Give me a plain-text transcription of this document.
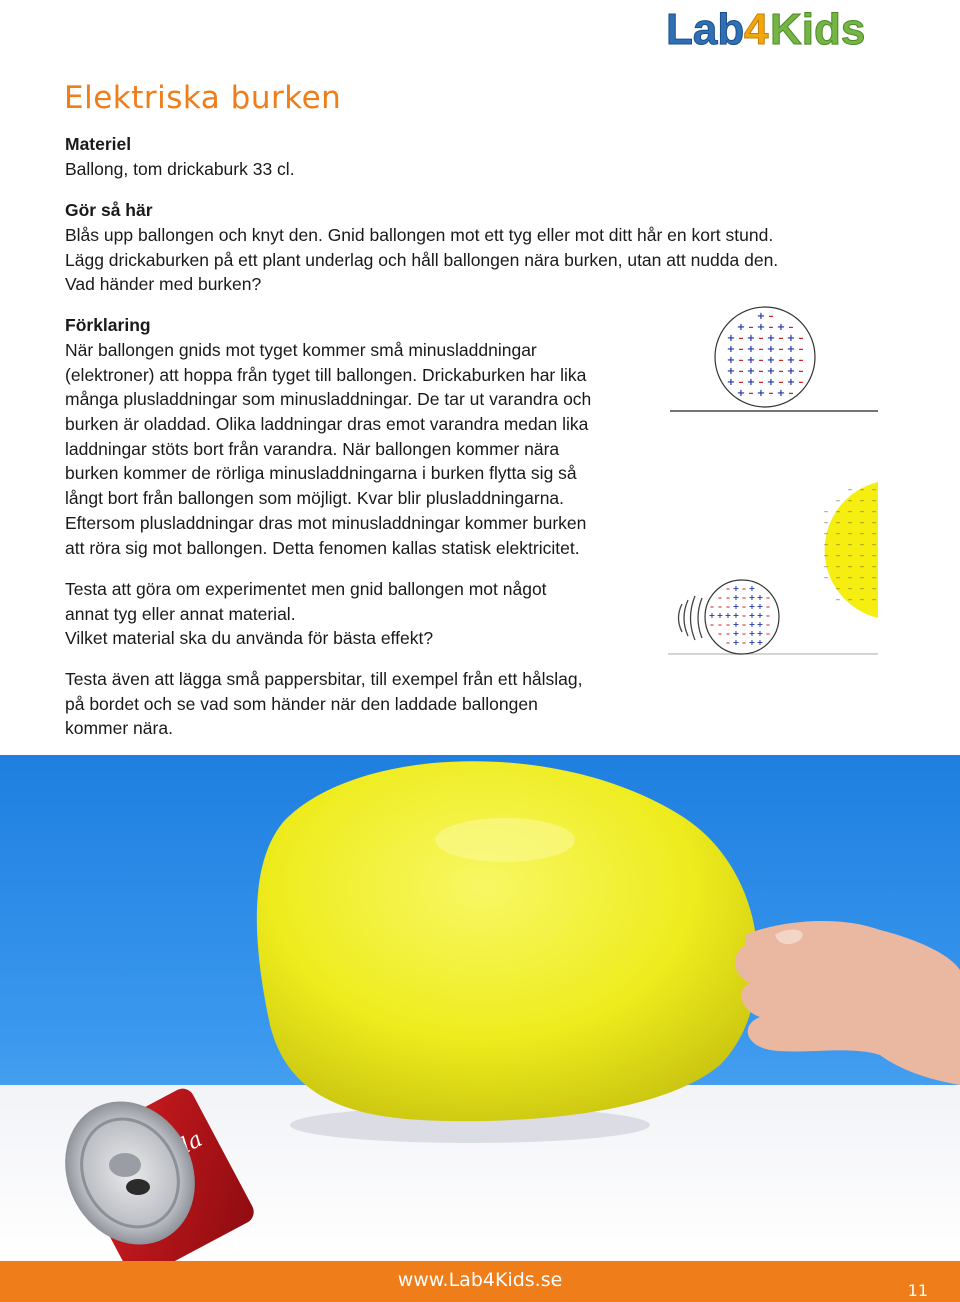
Lab 4 Kids
Elektriska burken

Materiel

Ballong, tom drickaburk 33 cl.

Gör så här

Blås upp ballongen och knyt den. Gnid ballongen mot ett tyg eller mot ditt hår en kort stund.

Lägg drickaburken på ett plant underlag och håll ballongen nära burken, utan att nudda den.

Vad händer med burken?

Förklaring

När ballongen gnids mot tyget kommer små minusladdningar

(elektroner) att hoppa från tyget till ballongen. Drickaburken har lika

många plusladdningar som minusladdningar. De tar ut varandra och

burken är oladdad. Olika laddningar dras emot varandra medan lika

laddningar stöts bort från varandra. När ballongen kommer nära

burken kommer de rörliga minusladdningarna i burken flytta sig så

långt bort från ballongen som möjligt. Kvar blir plusladdningarna.

Eftersom plusladdningar dras mot minusladdningar kommer burken

att röra sig mot ballongen. Detta fenomen kallas statisk elektricitet.

Testa att göra om experimentet men gnid ballongen mot något

annat tyg eller annat material.

Vilket material ska du använda för bästa effekt?

Testa även att lägga små pappersbitar, till exempel från ett hålslag,

på bordet och se vad som händer när den laddade ballongen

kommer nära.

+ –
+ – + – + –
+ – + – + – + –
+ – + – + – + –
+ – + – + – + –
+ – + – + – + –
+ – + – + – + –
+ – + – + –
– – –
– – – –
– – – – –
– – – – –
– – – – –
– – – – –
– – – – –
– – – – –
– – – – –
– – – –
– – – –
– + – +
– – + – + + –
– – – + – + + –
+ + + + – + + –
– – – + – + + –
– – + – + + –
– + – + +
www.Lab4Kids.se	11
